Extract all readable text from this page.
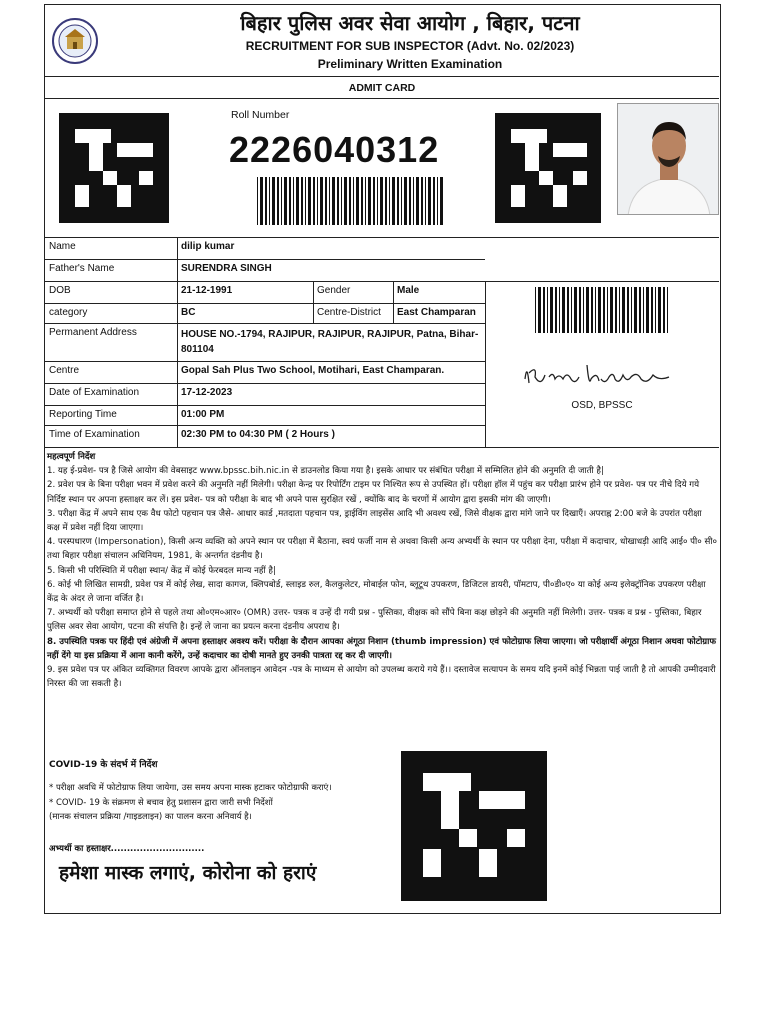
बिहार पुलिस अवर सेवा आयोग , बिहार, पटना
RECRUITMENT FOR SUB INSPECTOR (Advt. No. 02/2023)
Preliminary Written Examination
ADMIT CARD
Roll Number
2226040312
Name	dilip kumar
Father's Name	SURENDRA SINGH
DOB	21-12-1991	Gender	Male
category	BC	Centre-District	East Champaran
Permanent Address	HOUSE NO.-1794, RAJIPUR, RAJIPUR, RAJIPUR, Patna, Bihar-801104
Centre	Gopal Sah Plus Two School, Motihari, East Champaran.
Date of Examination	17-12-2023
Reporting Time	01:00 PM
Time of Examination	02:30 PM to 04:30 PM ( 2 Hours )
OSD, BPSSC

महत्वपूर्ण निर्देश

1. यह ई-प्रवेश- पत्र है जिसे आयोग की वेबसाइट www.bpssc.bih.nic.in से डाउनलोड किया गया है। इसके आधार पर संबंधित परीक्षा में सम्मिलित होने की अनुमति दी जाती है|

2. प्रवेश पत्र के बिना परीक्षा भवन में प्रवेश करने की अनुमति नहीं मिलेगी। परीक्षा केन्द्र पर रिपोर्टिंग टाइम पर निश्चित रूप से उपस्थित हों। परीक्षा हॉल में पहुंच कर परीक्षा प्रारंभ होने पर प्रवेश- पत्र पर नीचे दिये गये निर्दिष्ट स्थान पर अपना हस्ताक्षर कर लें। इस प्रवेश- पत्र को परीक्षा के बाद भी अपने पास सुरक्षित रखें , क्योंकि बाद के चरणों में आयोग द्वारा इसकी मांग की जाएगी।

3. परीक्षा केंद्र में अपने साथ एक वैध फोटो पहचान पत्र जैसे- आधार कार्ड ,मतदाता पहचान पत्र, ड्राईविंग लाइसेंस आदि भी अवश्य रखें, जिसे वीक्षक द्वारा मांगे जाने पर दिखाएँ। अपराह्न 2:00 बजे के उपरांत परीक्षा कक्ष में प्रवेश नहीं दिया जाएगा।

4. परस्पधारण (Impersonation), किसी अन्य व्यक्ति को अपने स्थान पर परीक्षा में बैठाना, स्वयं फर्जी नाम से अथवा किसी अन्य अभ्यर्थी के स्थान पर परीक्षा देना, परीक्षा में कदाचार, धोखाधड़ी आदि आई० पी० सी० तथा बिहार परीक्षा संचालन अधिनियम, 1981, के अन्तर्गत दंडनीय है।

5. किसी भी परिस्थिति में परीक्षा स्थान/ केंद्र में कोई फेरबदल मान्य नहीं है|

6. कोई भी लिखित सामग्री, प्रवेश पत्र में कोई लेख, सादा कागज, क्लिपबोर्ड, स्लाइड रुल, कैलकुलेटर, मोबाईल फोन, ब्लूटूथ उपकरण, डिजिटल डायरी, पॉमटाप, पी०डी०ए० या कोई अन्य इलेक्ट्रॉनिक उपकरण परीक्षा केंद्र के अंदर ले जाना वर्जित है।

7. अभ्यर्थी को परीक्षा समाप्त होने से पहले तथा ओ०एम०आर० (OMR) उत्तर- पत्रक व उन्हें दी गयी प्रश्न - पुस्तिका, वीक्षक को सौंपे बिना कक्ष छोड़ने की अनुमति नहीं मिलेगी। उत्तर- पत्रक व प्रश्न - पुस्तिका, बिहार पुलिस अवर सेवा आयोग, पटना की संपत्ति है। इन्हें ले जाना का प्रयत्न करना दंडनीय अपराध है।

8. उपस्थिति पत्रक पर हिंदी एवं अंग्रेजी में अपना हस्ताक्षर अवश्य करें। परीक्षा के दौरान आपका अंगूठा निशान (thumb impression) एवं फोटोग्राफ लिया जाएगा। जो परीक्षार्थी अंगूठा निशान अथवा फोटोग्राफ नहीं देंगे या इस प्रक्रिया में आना कानी करेंगे, उन्हें कदाचार का दोषी मानते हुए उनकी पात्रता रद्द कर दी जाएगी।

9. इस प्रवेश पत्र पर अंकित व्यक्तिगत विवरण आपके द्वारा ऑनलाइन आवेदन -पत्र के माध्यम से आयोग को उपलब्ध कराये गये हैं।। दस्तावेज सत्यापन के समय यदि इनमें कोई भिन्नता पाई जाती है तो आपकी उम्मीदवारी निरस्त की जा सकती है।

COVID-19 के संदर्भ में निर्देश
* परीक्षा अवधि में फोटोग्राफ लिया जायेगा, उस समय अपना मास्क हटाकर फोटोग्राफी कराएं।
* COVID- 19 के संक्रमण से बचाव हेतु प्रशासन द्वारा जारी सभी निर्देशों
(मानक संचालन प्रक्रिया /गाइडलाइन) का पालन करना अनिवार्य है।
अभ्यर्थी का हस्ताक्षर.............................
हमेशा मास्क लगाएं, कोरोना को हराएं
